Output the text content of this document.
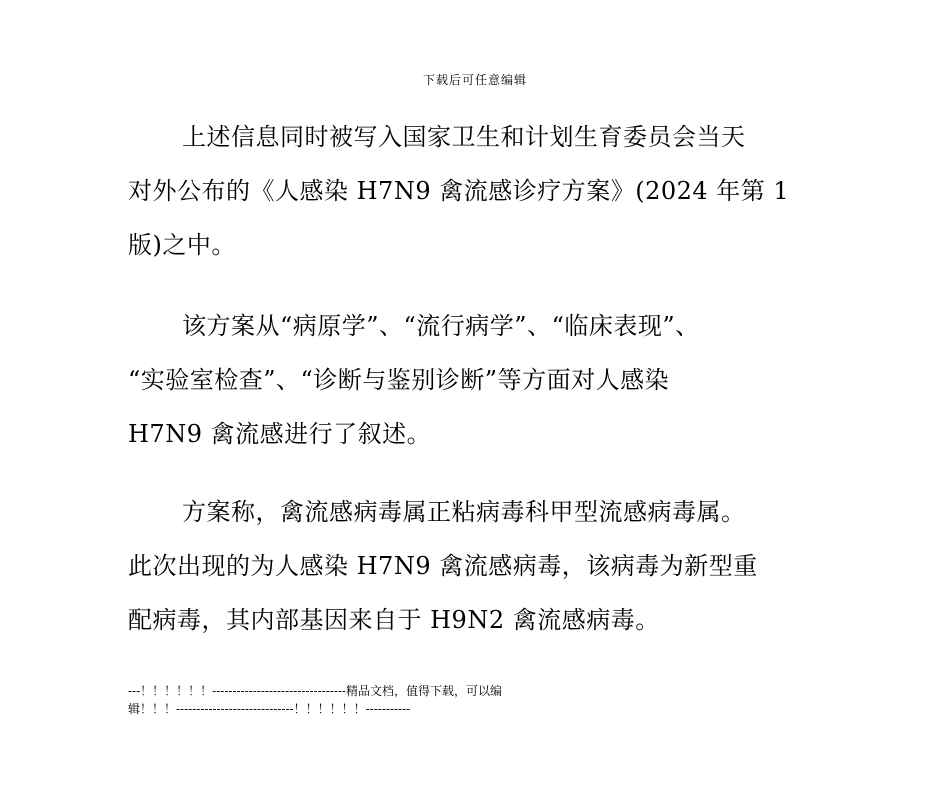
下载后可任意编辑
上述信息同时被写入国家卫生和计划生育委员会当天
对外公布的《人感染 H7N9 禽流感诊疗方案》(2024 年第 1
版)之中。
该方案从“病原学”、“流行病学”、“临床表现”、
“实验室检查”、“诊断与鉴别诊断”等方面对人感染
H7N9 禽流感进行了叙述。
方案称，禽流感病毒属正粘病毒科甲型流感病毒属。
此次出现的为人感染 H7N9 禽流感病毒，该病毒为新型重
配病毒，其内部基因来自于 H9N2 禽流感病毒。
---！！！！！！---------------------------------精品文档，值得下载，可以编
辑！！！-----------------------------！！！！！！-----------
